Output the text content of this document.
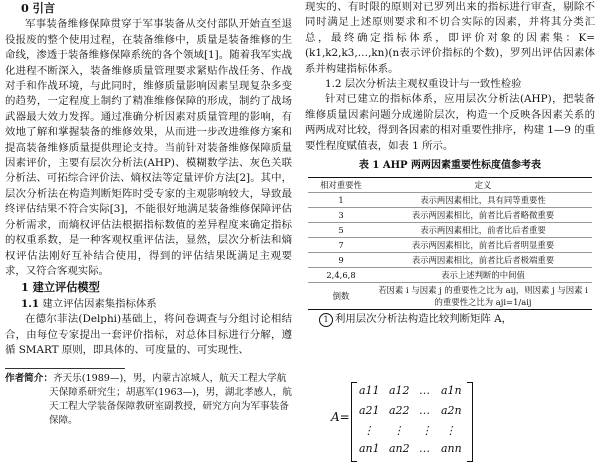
0 引言

军事装备维修保障贯穿于军事装备从交付部队开始直至退役报废的整个使用过程，在装备维修中，质量是装备维修的生命线，渗透于装备维修保障系统的各个领域[1]。随着我军实战化进程不断深入，装备维修质量管理要求紧贴作战任务、作战对手和作战环境，与此同时，维修质量影响因素呈现复杂多变的趋势，一定程度上制约了精准维修保障的形成，制约了战场武器最大效力发挥。通过准确分析因素对质量管理的影响，有效地了解和掌握装备的维修效果，从而进一步改进维修方案和提高装备维修质量提供理论支持。当前针对装备维修保障质量因素评价，主要有层次分析法(AHP)、模糊数学法、灰色关联分析法、可拓综合评价法、熵权法等定量评价方法[2]。其中，层次分析法在构造判断矩阵时受专家的主观影响较大，导致最终评估结果不符合实际[3]，不能很好地满足装备维修保障评估分析需求，而熵权评估法根据指标数值的差异程度来确定指标的权重系数，是一种客观权重评估法，显然，层次分析法和熵权评估法刚好互补结合使用，得到的评估结果既满足主观要求，又符合客观实际。

1 建立评估模型
1.1 建立评估因素集指标体系

在德尔菲法(Delphi)基础上，将问卷调查与分组讨论相结合，由每位专家提出一套评价指标，对总体目标进行分解，遵循 SMART 原则，即具体的、可度量的、可实现性、

作者简介：齐天乐(1989—)，男，内蒙古凉城人，航天工程大学航天保障系研究生；胡惠军(1963—)，男，湖北孝感人，航天工程大学装备保障教研室副教授，研究方向为军事装备保障。

现实的、有时限的原则对已罗列出来的指标进行审查，剔除不同时满足上述原则要求和不切合实际的因素，并将其分类汇总，最终确定指标体系，即评价对象的因素集：K=(k1,k2,k3,…,kn)(n表示评价指标的个数)，罗列出评估因素体系并构建指标体系。

1.2 层次分析法主观权重设计与一致性检验

针对已建立的指标体系，应用层次分析法(AHP)，把装备维修质量因素问题分成递阶层次，构造一个反映各因素关系的两两成对比较，得到各因素的相对重要性排序，构建 1—9 的重要性程度赋值表，如表 1 所示。

表 1 AHP 两两因素重要性标度值参考表
相对重要性	定义
1	表示两因素相比，具有同等重要性
3	表示两因素相比，前者比后者略微重要
5	表示两因素相比，前者比后者重要
7	表示两因素相比，前者比后者明显重要
9	表示两因素相比，前者比后者极端重要
2,4,6,8	表示上述判断的中间值
倒数	若因素 i 与因素 j 的重要性之比为 aij，则因素 j 与因素 i
的重要性之比为 aji=1/aij
1 利用层次分析法构造比较判断矩阵 A，
A=
a11 a12 … a1n
a21 a22 … a2n
⋮ ⋮ ⋮ ⋮
an1 an2 … ann
